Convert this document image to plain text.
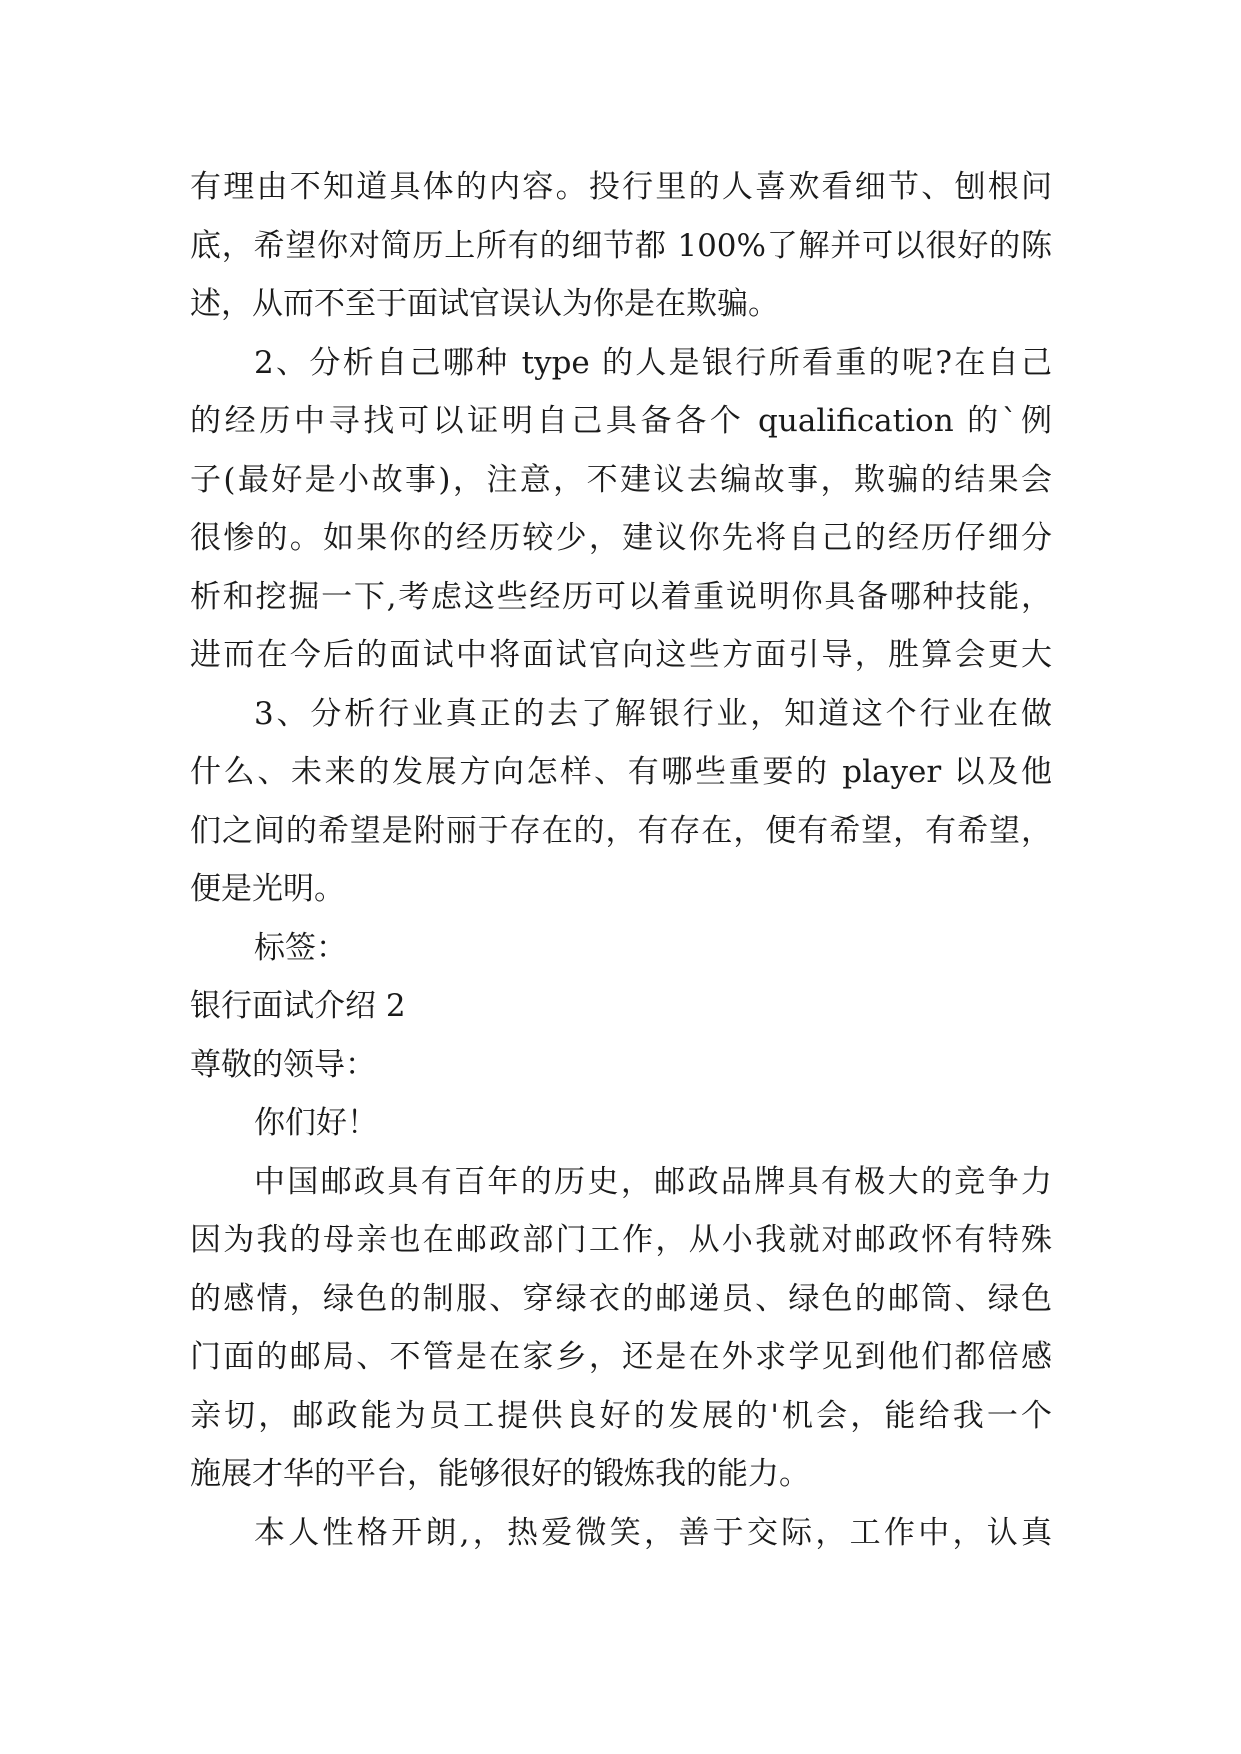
有理由不知道具体的内容。投行里的人喜欢看细节、刨根问
底，希望你对简历上所有的细节都 100%了解并可以很好的陈
述，从而不至于面试官误认为你是在欺骗。
2、分析自己哪种 type 的人是银行所看重的呢?在自己
的经历中寻找可以证明自己具备各个 qualification 的`例
子(最好是小故事)，注意，不建议去编故事，欺骗的结果会
很惨的。如果你的经历较少，建议你先将自己的经历仔细分
析和挖掘一下,考虑这些经历可以着重说明你具备哪种技能，
进而在今后的面试中将面试官向这些方面引导，胜算会更大
3、分析行业真正的去了解银行业，知道这个行业在做
什么、未来的发展方向怎样、有哪些重要的 player 以及他
们之间的希望是附丽于存在的，有存在，便有希望，有希望，
便是光明。
标签：
银行面试介绍 2
尊敬的领导：
你们好！
中国邮政具有百年的历史，邮政品牌具有极大的竞争力
因为我的母亲也在邮政部门工作，从小我就对邮政怀有特殊
的感情，绿色的制服、穿绿衣的邮递员、绿色的邮筒、绿色
门面的邮局、不管是在家乡，还是在外求学见到他们都倍感
亲切，邮政能为员工提供良好的发展的'机会，能给我一个
施展才华的平台，能够很好的锻炼我的能力。
本人性格开朗,，热爱微笑，善于交际，工作中，认真
